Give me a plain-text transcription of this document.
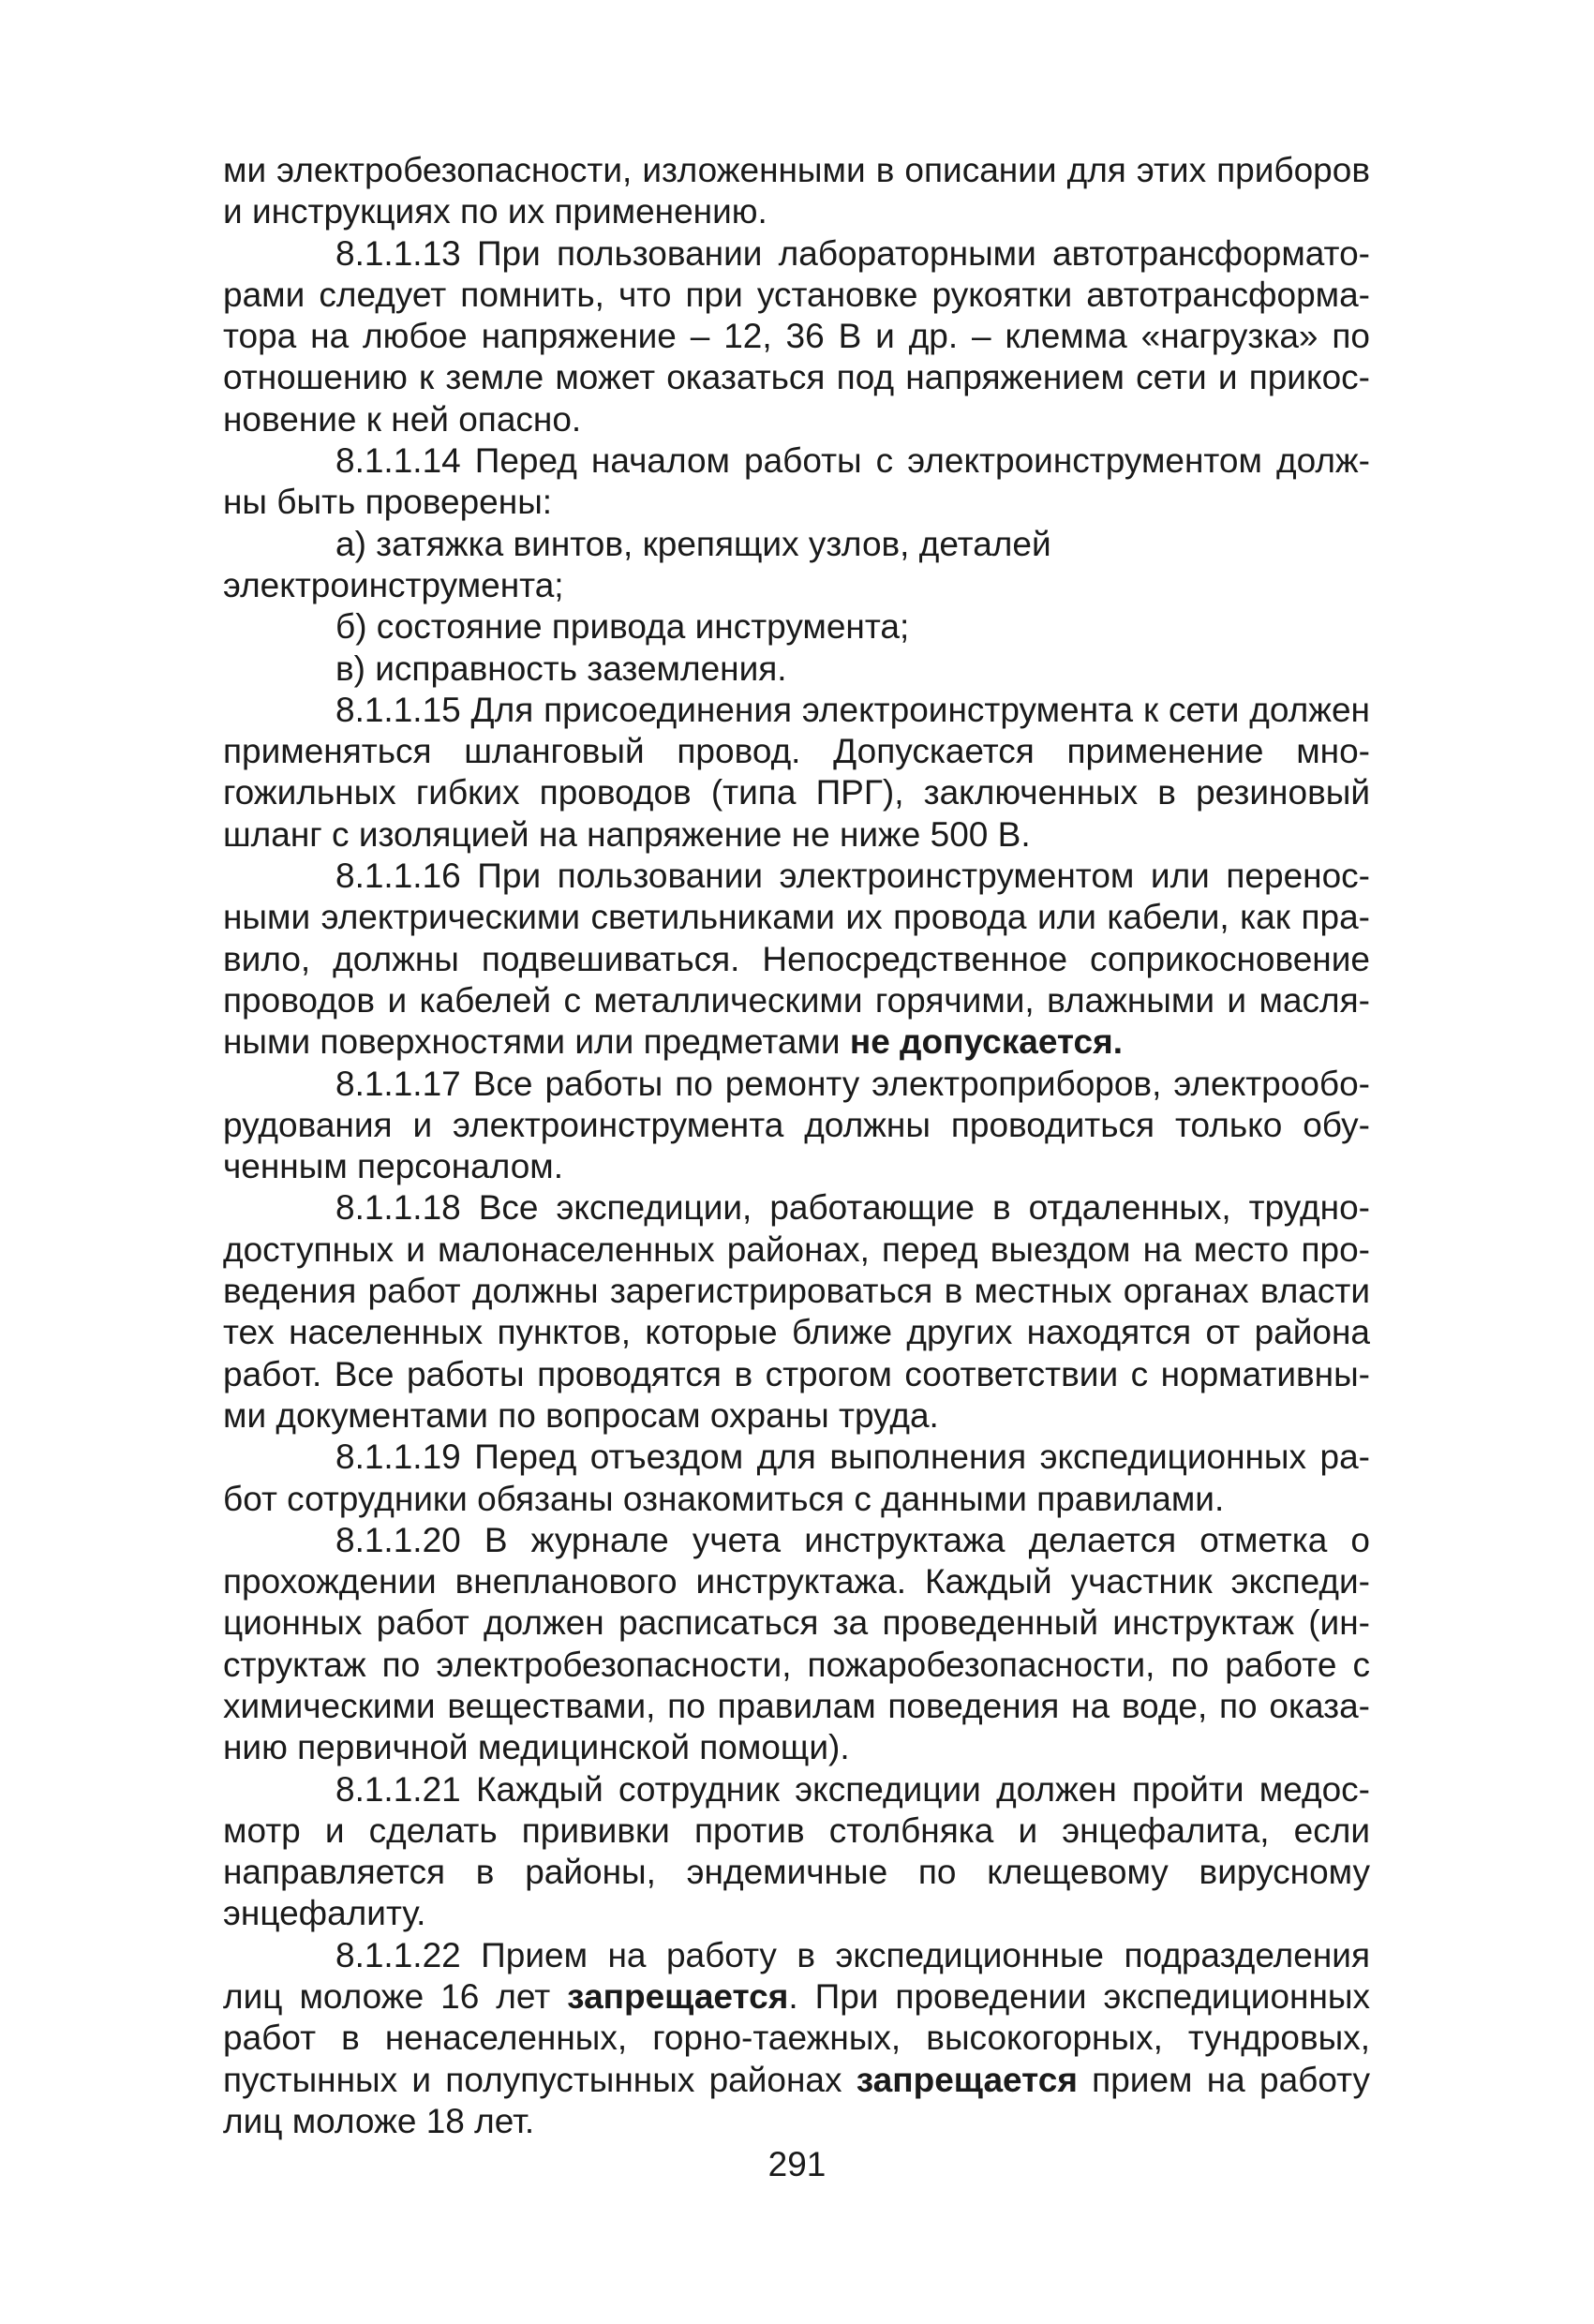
ми электробезопасности, изложенными в описании для этих приборов и инструкциях по их применению.

8.1.1.13 При пользовании лабораторными автотрансформаторами следует помнить, что при установке рукоятки автотрансформатора на любое напряжение – 12, 36 В и др. – клемма «нагрузка» по отношению к земле может оказаться под напряжением сети и прикосновение к ней опасно.

8.1.1.14 Перед началом работы с электроинструментом должны быть проверены:

а) затяжка винтов, крепящих узлов, деталей электроинструмента;

б) состояние привода инструмента;

в) исправность заземления.

8.1.1.15 Для присоединения электроинструмента к сети должен применяться шланговый провод. Допускается применение многожильных гибких проводов (типа ПРГ), заключенных в резиновый шланг с изоляцией на напряжение не ниже 500 В.

8.1.1.16 При пользовании электроинструментом или переносными электрическими светильниками их провода или кабели, как правило, должны подвешиваться. Непосредственное соприкосновение проводов и кабелей с металлическими горячими, влажными и масляными поверхностями или предметами не допускается.

8.1.1.17 Все работы по ремонту электроприборов, электрооборудования и электроинструмента должны проводиться только обученным персоналом.

8.1.1.18 Все экспедиции, работающие в отдаленных, труднодоступных и малонаселенных районах, перед выездом на место проведения работ должны зарегистрироваться в местных органах власти тех населенных пунктов, которые ближе других находятся от района работ. Все работы проводятся в строгом соответствии с нормативными документами по вопросам охраны труда.

8.1.1.19 Перед отъездом для выполнения экспедиционных работ сотрудники обязаны ознакомиться с данными правилами.

8.1.1.20 В журнале учета инструктажа делается отметка о прохождении внепланового инструктажа. Каждый участник экспедиционных работ должен расписаться за проведенный инструктаж (инструктаж по электробезопасности, пожаробезопасности, по работе с химическими веществами, по правилам поведения на воде, по оказанию первичной медицинской помощи).

8.1.1.21 Каждый сотрудник экспедиции должен пройти медосмотр и сделать прививки против столбняка и энцефалита, если направляется в районы, эндемичные по клещевому вирусному энцефалиту.

8.1.1.22 Прием на работу в экспедиционные подразделения лиц моложе 16 лет запрещается. При проведении экспедиционных работ в ненаселенных, горно-таежных, высокогорных, тундровых, пустынных и полупустынных районах запрещается прием на работу лиц моложе 18 лет.

291
